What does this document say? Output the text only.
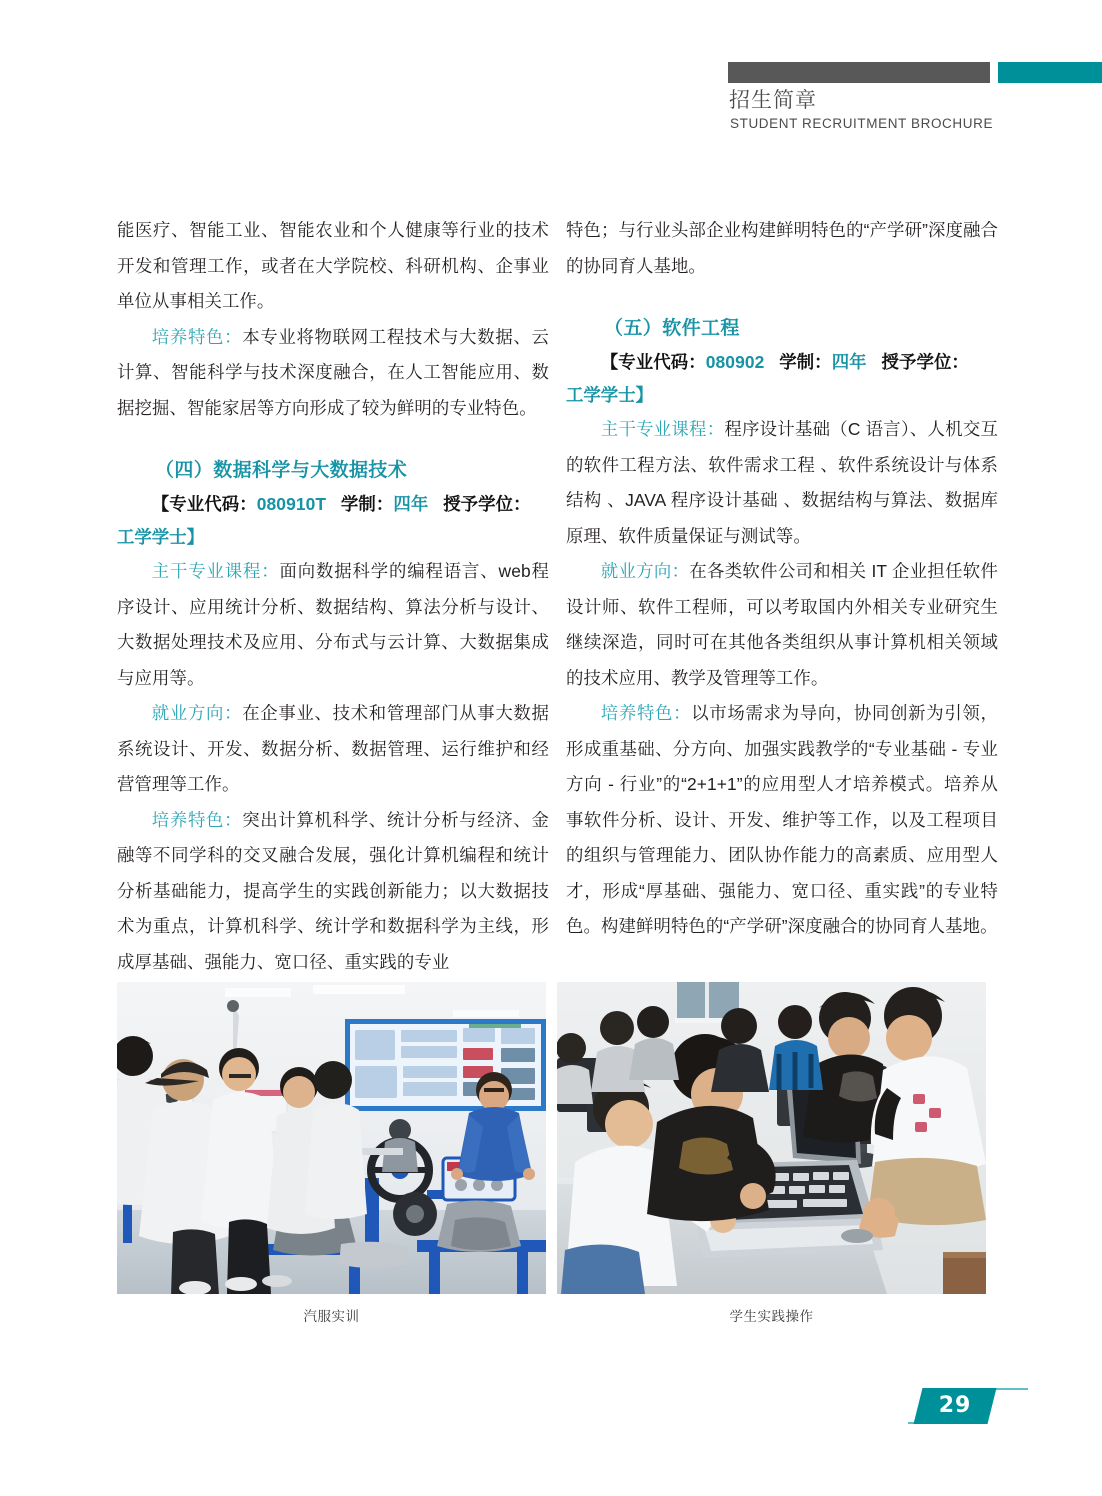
招生简章
STUDENT RECRUITMENT BROCHURE

能医疗、智能工业、智能农业和个人健康等行业的技术开发和管理工作，或者在大学院校、科研机构、企事业单位从事相关工作。

培养特色：本专业将物联网工程技术与大数据、云计算、智能科学与技术深度融合，在人工智能应用、数据挖掘、智能家居等方向形成了较为鲜明的专业特色。

（四）数据科学与大数据技术

【专业代码：080910T 学制：四年 授予学位：

工学学士】

主干专业课程：面向数据科学的编程语言、web程序设计、应用统计分析、数据结构、算法分析与设计、大数据处理技术及应用、分布式与云计算、大数据集成与应用等。

就业方向：在企事业、技术和管理部门从事大数据系统设计、开发、数据分析、数据管理、运行维护和经营管理等工作。

培养特色：突出计算机科学、统计分析与经济、金融等不同学科的交叉融合发展，强化计算机编程和统计分析基础能力，提高学生的实践创新能力；以大数据技术为重点，计算机科学、统计学和数据科学为主线，形成厚基础、强能力、宽口径、重实践的专业

特色；与行业头部企业构建鲜明特色的“产学研”深度融合的协同育人基地。

（五）软件工程

【专业代码：080902 学制：四年 授予学位：

工学学士】

主干专业课程：程序设计基础（C 语言）、人机交互的软件工程方法、软件需求工程 、软件系统设计与体系结构 、JAVA 程序设计基础 、数据结构与算法、数据库原理、软件质量保证与测试等。

就业方向：在各类软件公司和相关 IT 企业担任软件设计师、软件工程师，可以考取国内外相关专业研究生继续深造，同时可在其他各类组织从事计算机相关领域的技术应用、教学及管理等工作。

培养特色：以市场需求为导向，协同创新为引领，形成重基础、分方向、加强实践教学的“专业基础 - 专业方向 - 行业”的“2+1+1”的应用型人才培养模式。培养从事软件分析、设计、开发、维护等工作，以及工程项目的组织与管理能力、团队协作能力的高素质、应用型人才，形成“厚基础、强能力、宽口径、重实践”的专业特色。构建鲜明特色的“产学研”深度融合的协同育人基地。

汽服实训	学生实践操作
29
